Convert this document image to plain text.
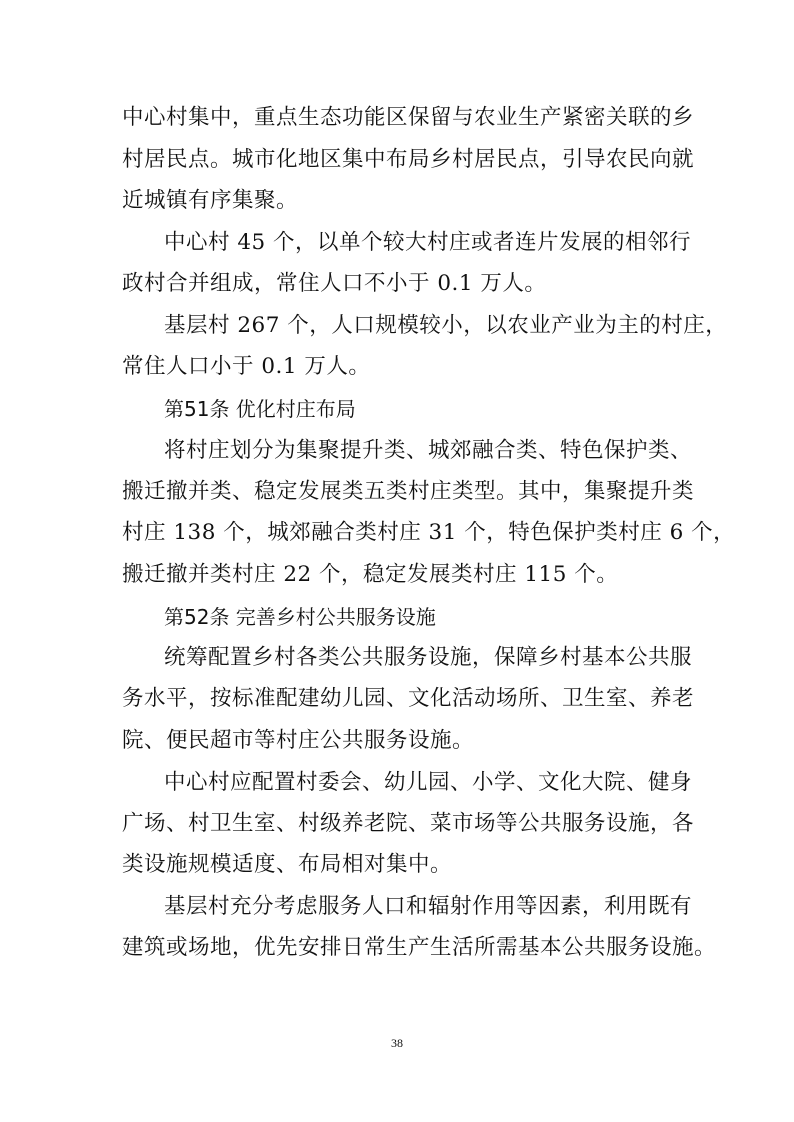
中心村集中，重点生态功能区保留与农业生产紧密关联的乡
村居民点。城市化地区集中布局乡村居民点，引导农民向就
近城镇有序集聚。
中心村 45 个，以单个较大村庄或者连片发展的相邻行
政村合并组成，常住人口不小于 0.1 万人。
基层村 267 个，人口规模较小，以农业产业为主的村庄，
常住人口小于 0.1 万人。
第51条 优化村庄布局
将村庄划分为集聚提升类、城郊融合类、特色保护类、
搬迁撤并类、稳定发展类五类村庄类型。其中，集聚提升类
村庄 138 个，城郊融合类村庄 31 个，特色保护类村庄 6 个，
搬迁撤并类村庄 22 个，稳定发展类村庄 115 个。
第52条 完善乡村公共服务设施
统筹配置乡村各类公共服务设施，保障乡村基本公共服
务水平，按标准配建幼儿园、文化活动场所、卫生室、养老
院、便民超市等村庄公共服务设施。
中心村应配置村委会、幼儿园、小学、文化大院、健身
广场、村卫生室、村级养老院、菜市场等公共服务设施，各
类设施规模适度、布局相对集中。
基层村充分考虑服务人口和辐射作用等因素，利用既有
建筑或场地，优先安排日常生产生活所需基本公共服务设施。
38
